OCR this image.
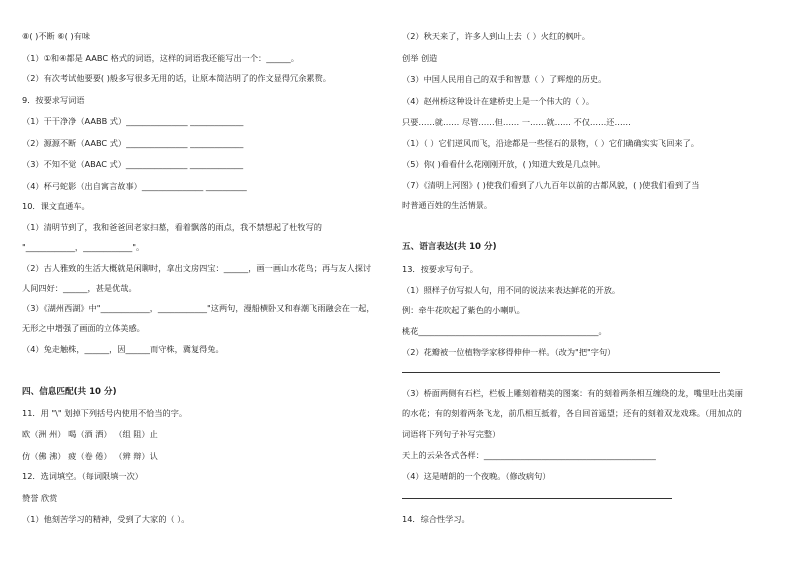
⑧( )不断 ⑥( )有味
（1）①和④都是 AABC 格式的词语，这样的词语我还能写出一个：______。
（2）有次考试他要要( )般多写很多无用的话，让原本简洁明了的作文显得冗余累赘。
9．按要求写词语
（1）干干净净（AABB 式）_______________ _____________
（2）源源不断（AABC 式）_______________ _____________
（3）不知不觉（ABAC 式）_______________ _____________
（4）杯弓蛇影（出自寓言故事）_______________ __________
10．课文直通车。
（1）清明节到了，我和爸爸回老家扫墓，看着飘落的雨点，我不禁想起了杜牧写的
"____________，____________"。
（2）古人雅致的生活大概就是闲聊时，拿出文房四宝：______，画一画山水花鸟；再与友人探讨
人间四好：______，甚是优哉。
（3）《湖州西湖》中"____________，____________"这两句，漫船横卧又和春潮飞雨融会在一起，
无形之中增强了画面的立体美感。
（4）兔走触株，______，因______而守株，冀复得兔。
四、信息匹配(共 10 分)
11．用 "\" 划掉下列括号内使用不恰当的字。
欧（洲 州） 喝（酒 洒） （组 阻）止
仿（佛 沸） 疲（卷 倦） （辨 辩）认
12．选词填空。（每词限填一次）
赞誉 欣赏
（1）他刻苦学习的精神，受到了大家的（ ）。
（2）秋天来了，许多人到山上去（ ）火红的枫叶。
创举 创造
（3）中国人民用自己的双手和智慧（ ）了辉煌的历史。
（4）赵州桥这种设计在建桥史上是一个伟大的（ ）。
只要……就…… 尽管……但…… 一……就…… 不仅……还……
（1）（ ）它们逆风而飞，沿途都是一些怪石的景物，（ ）它们确确实实飞回来了。
（5）你( )看看什么花刚刚开放，( )知道大致是几点钟。
（7）《清明上河图》( )使我们看到了八九百年以前的古都风貌，( )使我们看到了当
时普通百姓的生活情景。
五、语言表达(共 10 分)
13．按要求写句子。
（1）照样子仿写拟人句，用不同的说法来表达鲜花的开放。
例：牵牛花吹起了紫色的小喇叭。
桃花____________________________________________。
（2）花瓣被一位植物学家移得伸仲一样。（改为"把"字句）
（3）桥面两侧有石栏，栏板上雕刻着精美的图案：有的刻着两条相互缠绕的龙，嘴里吐出美丽
的水花；有的刻着两条飞龙，前爪相互抵着，各自回首遥望；还有的刻着双龙戏珠。（用加点的
词语将下列句子补写完整）
天上的云朵各式各样：__________________________________________
（4）这是晴朗的一个夜晚。（修改病句）
14．综合性学习。
